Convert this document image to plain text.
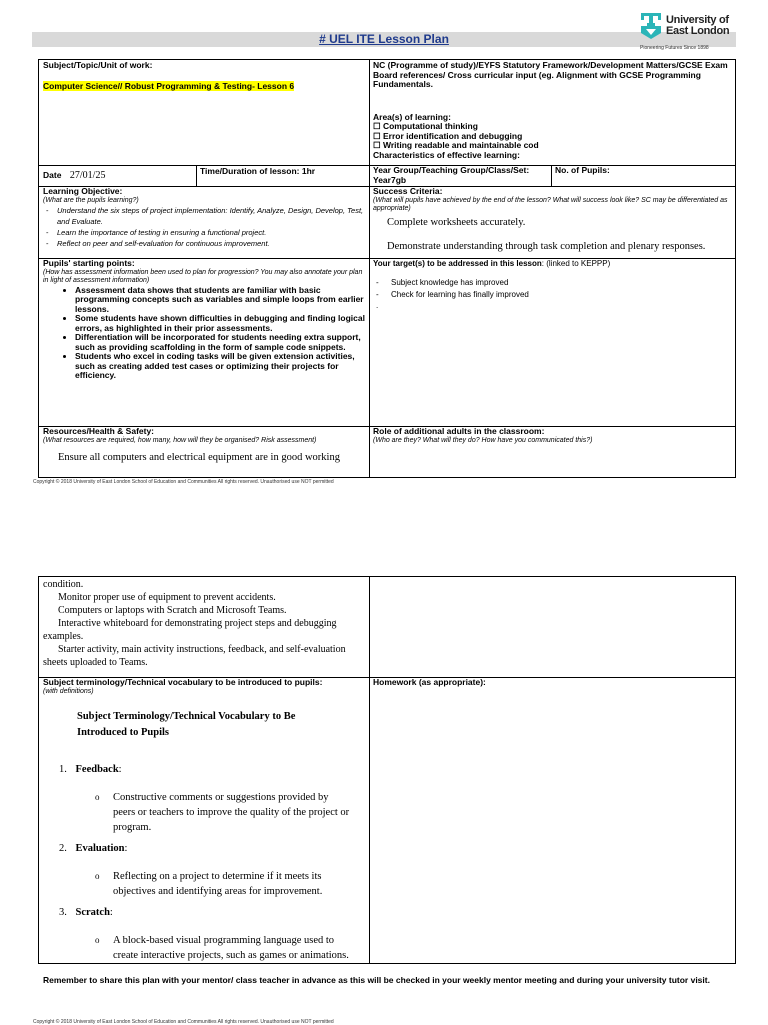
# UEL ITE Lesson Plan
University of
East London
Pioneering Futures Since 1898
Subject/Topic/Unit of work:
Computer Science// Robust Programming & Testing- Lesson 6
NC (Programme of study)/EYFS Statutory Framework/Development Matters/GCSE Exam Board references/ Cross curricular input (eg. Alignment with GCSE Programming Fundamentals.
Area(s) of learning:
☐ Computational thinking
☐ Error identification and debugging
☐ Writing readable and maintainable cod
Characteristics of effective learning:
Date 27/01/25	Time/Duration of lesson: 1hr	Year Group/Teaching Group/Class/Set:
Year7gb
No. of Pupils:
Learning Objective:
(What are the pupils learning?)
- Understand the six steps of project implementation: Identify, Analyze, Design, Develop, Test, and Evaluate.
- Learn the importance of testing in ensuring a functional project.
- Reflect on peer and self-evaluation for continuous improvement.
Success Criteria:
(What will pupils have achieved by the end of the lesson? What will success look like? SC may be differentiated as appropriate)
Complete worksheets accurately.
Demonstrate understanding through task completion and plenary responses.
Pupils' starting points:
(How has assessment information been used to plan for progression? You may also annotate your plan in light of assessment information)
• Assessment data shows that students are familiar with basic programming concepts such as variables and simple loops from earlier lessons.
• Some students have shown difficulties in debugging and finding logical errors, as highlighted in their prior assessments.
• Differentiation will be incorporated for students needing extra support, such as providing scaffolding in the form of sample code snippets.
• Students who excel in coding tasks will be given extension activities, such as creating added test cases or optimizing their projects for efficiency.
Your target(s) to be addressed in this lesson: (linked to KEPPP)
- Subject knowledge has improved
- Check for learning has finally improved
.
Resources/Health & Safety:
(What resources are required, how many, how will they be organised? Risk assessment)
Ensure all computers and electrical equipment are in good working
Role of additional adults in the classroom:
(Who are they? What will they do? How have you communicated this?)
Copyright © 2018 University of East London School of Education and Communities All rights reserved. Unauthorised use NOT permitted
condition.
Monitor proper use of equipment to prevent accidents.
Computers or laptops with Scratch and Microsoft Teams.
Interactive whiteboard for demonstrating project steps and debugging examples.
Starter activity, main activity instructions, feedback, and self-evaluation sheets uploaded to Teams.
Subject terminology/Technical vocabulary to be introduced to pupils:
(with definitions)
Subject Terminology/Technical Vocabulary to Be Introduced to Pupils
1. Feedback:
o Constructive comments or suggestions provided by peers or teachers to improve the quality of the project or program.
2. Evaluation:
o Reflecting on a project to determine if it meets its objectives and identifying areas for improvement.
3. Scratch:
o A block-based visual programming language used to create interactive projects, such as games or animations.
Homework (as appropriate):
Remember to share this plan with your mentor/ class teacher in advance as this will be checked in your weekly mentor meeting and during your university tutor visit.
Copyright © 2018 University of East London School of Education and Communities All rights reserved. Unauthorised use NOT permitted
